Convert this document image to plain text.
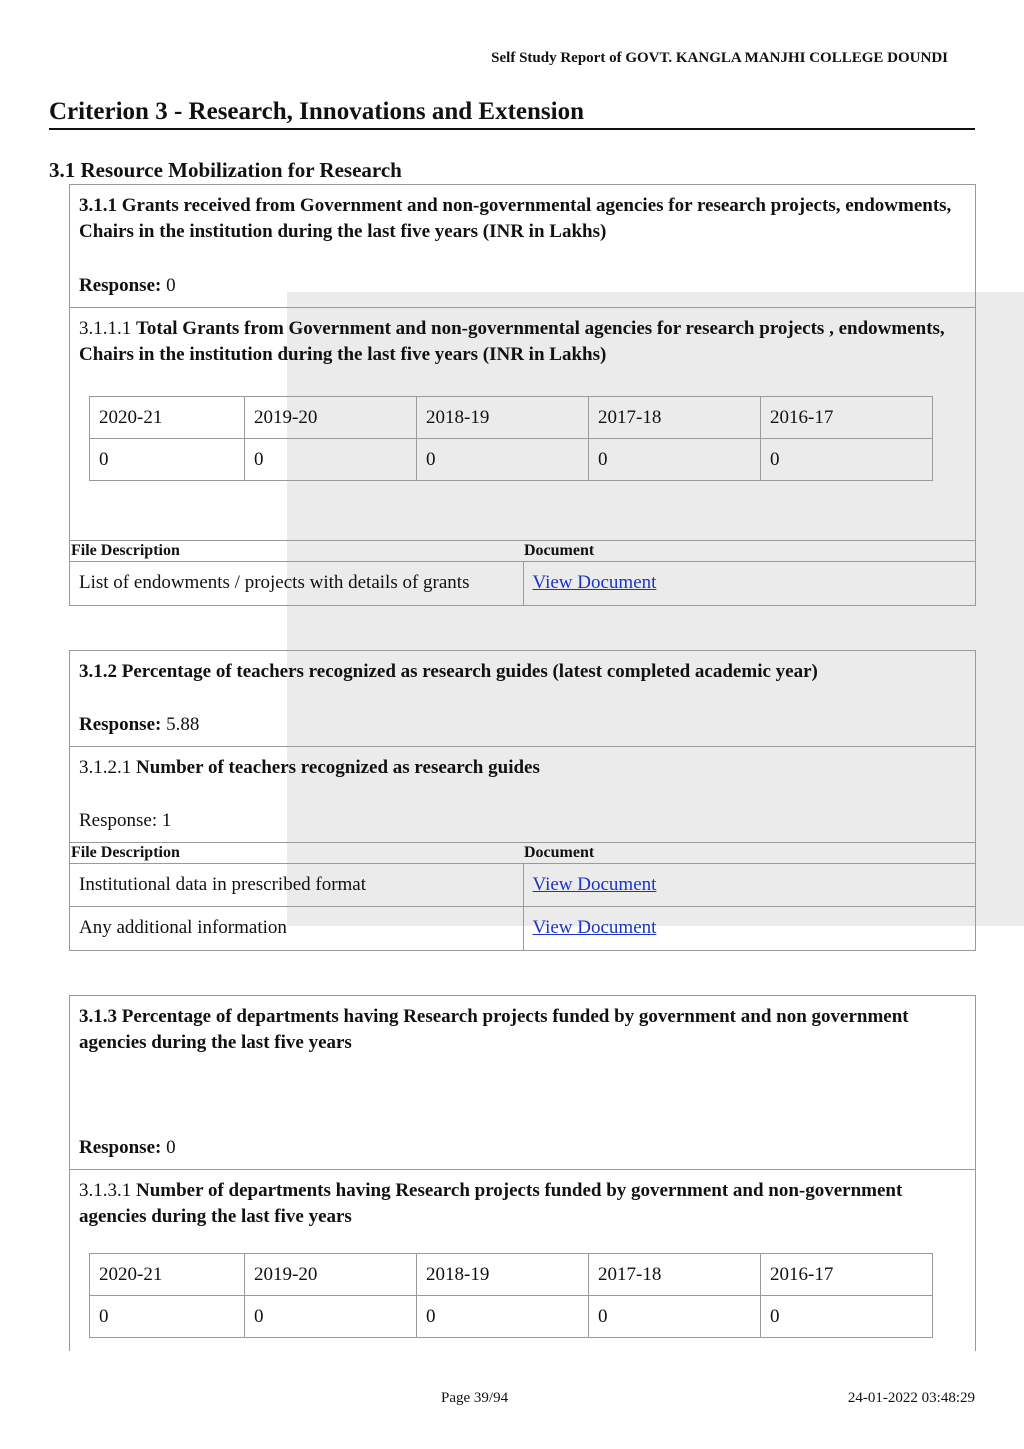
Self Study Report of GOVT. KANGLA MANJHI COLLEGE DOUNDI
Criterion 3 - Research, Innovations and Extension
3.1 Resource Mobilization for Research
3.1.1 Grants received from Government and non-governmental agencies for research projects, endowments, Chairs in the institution during the last five years (INR in Lakhs)
Response: 0
3.1.1.1 Total Grants from Government and non-governmental agencies for research projects , endowments, Chairs in the institution during the last five years (INR in Lakhs)
2020-21	2019-20	2018-19	2017-18	2016-17
0	0	0	0	0
File Description	Document
List of endowments / projects with details of grants	View Document
3.1.2 Percentage of teachers recognized as research guides (latest completed academic year)
Response: 5.88
3.1.2.1 Number of teachers recognized as research guides
Response: 1
File Description	Document
Institutional data in prescribed format	View Document
Any additional information	View Document
3.1.3 Percentage of departments having Research projects funded by government and non government agencies during the last five years
Response: 0
3.1.3.1 Number of departments having Research projects funded by government and non-government agencies during the last five years
2020-21	2019-20	2018-19	2017-18	2016-17
0	0	0	0	0
Page 39/94	24-01-2022 03:48:29
